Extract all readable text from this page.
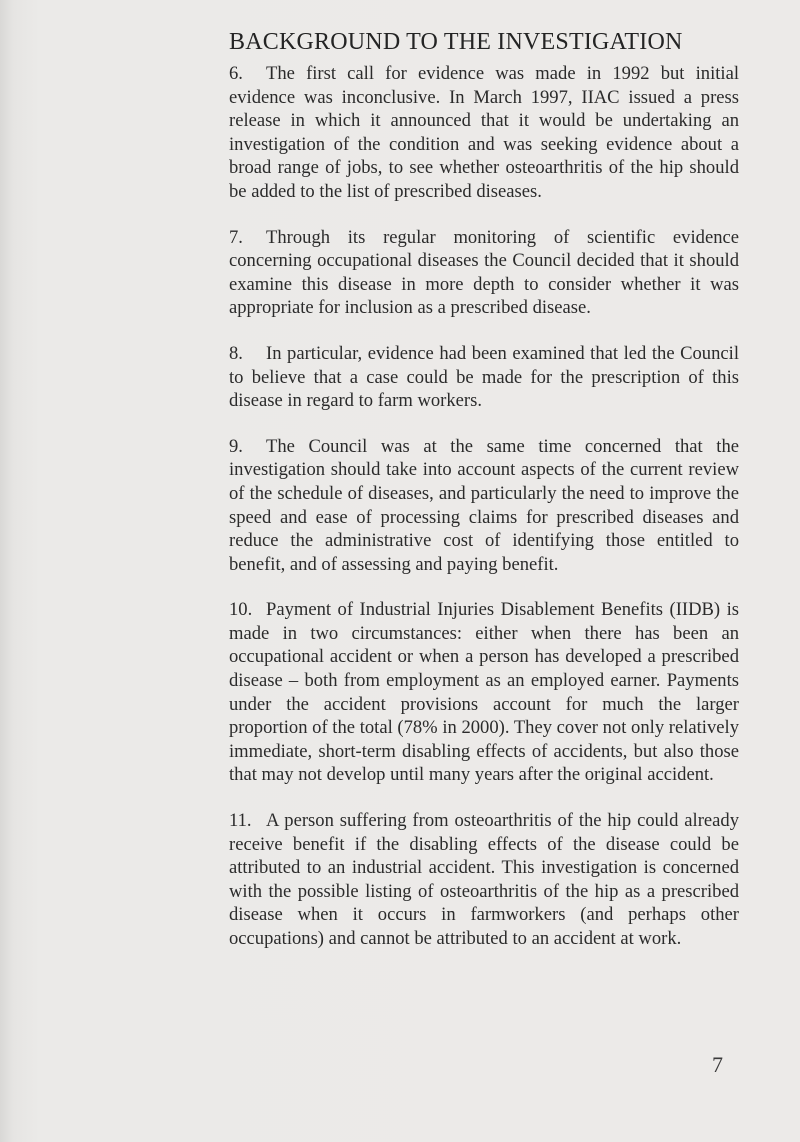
BACKGROUND TO THE INVESTIGATION

6. The first call for evidence was made in 1992 but initial evidence was inconclusive. In March 1997, IIAC issued a press release in which it announced that it would be undertaking an investigation of the condition and was seeking evidence about a broad range of jobs, to see whether osteoarthritis of the hip should be added to the list of prescribed diseases.

7. Through its regular monitoring of scientific evidence concerning occupational diseases the Council decided that it should examine this disease in more depth to consider whether it was appropriate for inclusion as a prescribed disease.

8. In particular, evidence had been examined that led the Council to believe that a case could be made for the prescription of this disease in regard to farm workers.

9. The Council was at the same time concerned that the investigation should take into account aspects of the current review of the schedule of diseases, and particularly the need to improve the speed and ease of processing claims for prescribed diseases and reduce the administrative cost of identifying those entitled to benefit, and of assessing and paying benefit.

10. Payment of Industrial Injuries Disablement Benefits (IIDB) is made in two circumstances: either when there has been an occupational accident or when a person has developed a prescribed disease – both from employment as an employed earner. Payments under the accident provisions account for much the larger proportion of the total (78% in 2000). They cover not only relatively immediate, short-term disabling effects of accidents, but also those that may not develop until many years after the original accident.

11. A person suffering from osteoarthritis of the hip could already receive benefit if the disabling effects of the disease could be attributed to an industrial accident. This investigation is concerned with the possible listing of osteoarthritis of the hip as a prescribed disease when it occurs in farmworkers (and perhaps other occupations) and cannot be attributed to an accident at work.

7
